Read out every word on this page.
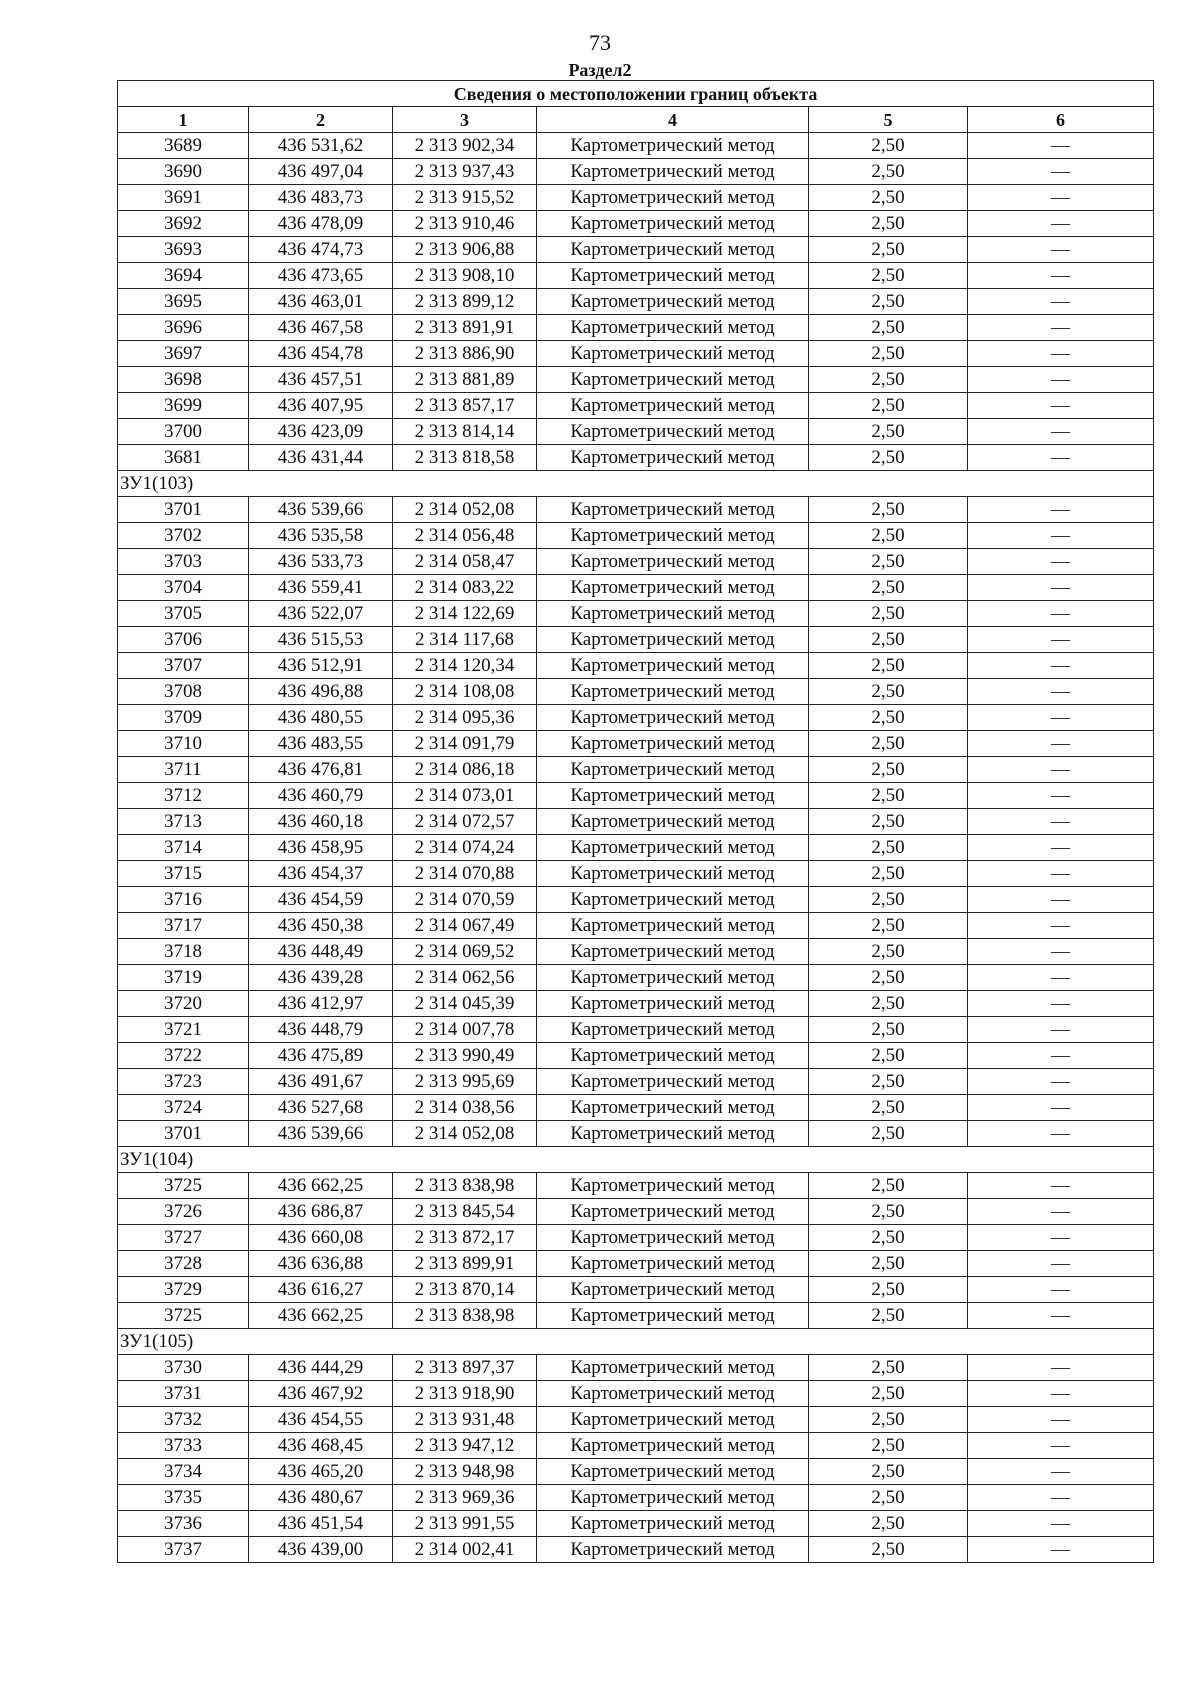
73
Раздел2
Сведения о местоположении границ объекта					
1	2	3	4	5	6
3689	436 531,62	2 313 902,34	Картометрический метод	2,50	—
3690	436 497,04	2 313 937,43	Картометрический метод	2,50	—
3691	436 483,73	2 313 915,52	Картометрический метод	2,50	—
3692	436 478,09	2 313 910,46	Картометрический метод	2,50	—
3693	436 474,73	2 313 906,88	Картометрический метод	2,50	—
3694	436 473,65	2 313 908,10	Картометрический метод	2,50	—
3695	436 463,01	2 313 899,12	Картометрический метод	2,50	—
3696	436 467,58	2 313 891,91	Картометрический метод	2,50	—
3697	436 454,78	2 313 886,90	Картометрический метод	2,50	—
3698	436 457,51	2 313 881,89	Картометрический метод	2,50	—
3699	436 407,95	2 313 857,17	Картометрический метод	2,50	—
3700	436 423,09	2 313 814,14	Картометрический метод	2,50	—
3681	436 431,44	2 313 818,58	Картометрический метод	2,50	—
ЗУ1(103)					
3701	436 539,66	2 314 052,08	Картометрический метод	2,50	—
3702	436 535,58	2 314 056,48	Картометрический метод	2,50	—
3703	436 533,73	2 314 058,47	Картометрический метод	2,50	—
3704	436 559,41	2 314 083,22	Картометрический метод	2,50	—
3705	436 522,07	2 314 122,69	Картометрический метод	2,50	—
3706	436 515,53	2 314 117,68	Картометрический метод	2,50	—
3707	436 512,91	2 314 120,34	Картометрический метод	2,50	—
3708	436 496,88	2 314 108,08	Картометрический метод	2,50	—
3709	436 480,55	2 314 095,36	Картометрический метод	2,50	—
3710	436 483,55	2 314 091,79	Картометрический метод	2,50	—
3711	436 476,81	2 314 086,18	Картометрический метод	2,50	—
3712	436 460,79	2 314 073,01	Картометрический метод	2,50	—
3713	436 460,18	2 314 072,57	Картометрический метод	2,50	—
3714	436 458,95	2 314 074,24	Картометрический метод	2,50	—
3715	436 454,37	2 314 070,88	Картометрический метод	2,50	—
3716	436 454,59	2 314 070,59	Картометрический метод	2,50	—
3717	436 450,38	2 314 067,49	Картометрический метод	2,50	—
3718	436 448,49	2 314 069,52	Картометрический метод	2,50	—
3719	436 439,28	2 314 062,56	Картометрический метод	2,50	—
3720	436 412,97	2 314 045,39	Картометрический метод	2,50	—
3721	436 448,79	2 314 007,78	Картометрический метод	2,50	—
3722	436 475,89	2 313 990,49	Картометрический метод	2,50	—
3723	436 491,67	2 313 995,69	Картометрический метод	2,50	—
3724	436 527,68	2 314 038,56	Картометрический метод	2,50	—
3701	436 539,66	2 314 052,08	Картометрический метод	2,50	—
ЗУ1(104)					
3725	436 662,25	2 313 838,98	Картометрический метод	2,50	—
3726	436 686,87	2 313 845,54	Картометрический метод	2,50	—
3727	436 660,08	2 313 872,17	Картометрический метод	2,50	—
3728	436 636,88	2 313 899,91	Картометрический метод	2,50	—
3729	436 616,27	2 313 870,14	Картометрический метод	2,50	—
3725	436 662,25	2 313 838,98	Картометрический метод	2,50	—
ЗУ1(105)					
3730	436 444,29	2 313 897,37	Картометрический метод	2,50	—
3731	436 467,92	2 313 918,90	Картометрический метод	2,50	—
3732	436 454,55	2 313 931,48	Картометрический метод	2,50	—
3733	436 468,45	2 313 947,12	Картометрический метод	2,50	—
3734	436 465,20	2 313 948,98	Картометрический метод	2,50	—
3735	436 480,67	2 313 969,36	Картометрический метод	2,50	—
3736	436 451,54	2 313 991,55	Картометрический метод	2,50	—
3737	436 439,00	2 314 002,41	Картометрический метод	2,50	—
